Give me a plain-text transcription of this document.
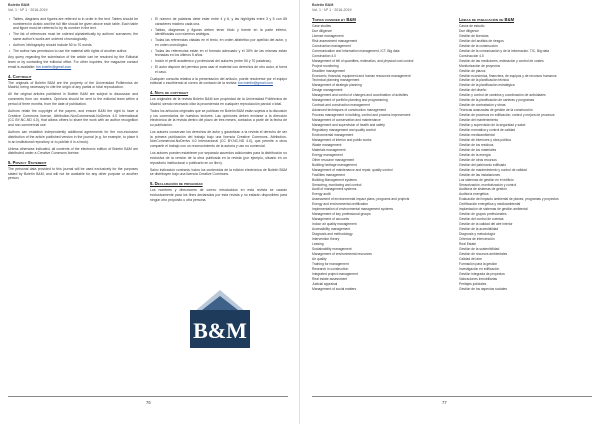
Boletín B&M
Vol. 1 · Nº 1 · 2016-2019
• Tables, diagrams and figures are referred to in order in the text. Tables should be numbered in Arabic and the full title should be given above each table. Each table and figure must be referred to by its number in the text.
• The list of references must be ordered alphabetically by authors' surnames; the same author's works are ordered chronologically.
• Authors' bibliography should include 50 to 70 words.
• The author has permission to use the material with rights of another author.

Any query regarding the submission of the article can be resolved by the Editorial team or by contacting the editorial office. For other inquiries, the magazine contact email is available: bm.boletin@gmail.com

4. Copyright

The originals of Boletín B&M are the property of the Universidad Politécnica de Madrid, being necessary to cite the origin of any partial or total reproduction.

All the original articles published in Boletín B&M are subject to discussion and comments from our readers. Opinions should be sent to the editorial team within a period of three months, from the date of publication.

Authors retain the copyright of the papers, and ensure B&M the right to have a Creative Commons license, Attribution-NonCommercial-NoDerivs 4.0 International (CC BY-NC-ND 4.0), that allows others to share the work with an author recognition and non-commercial use.

Authors can establish independently additional agreements for the non-exclusive distribution of the article published version in the journal (e.g. for example, to place it in an institutional repository or to publish it in a book).

Unless otherwise indicated, all contents of the electronic edition of Boletín B&M are distributed under a Creative Commons license.

5. Privacy Statement

The personal data provided to this journal will be used exclusively for the purposes stated by Boletín B&M, and will not be available for any other purpose or another person.

• El número de palabras debe estar entre 4 y 6, y las highlights entre 3 y 5 con 85 caracteres máximo cada una.
• Tablas, diagramas y figuras deben tener título y fuente en la parte inferior, identificadas con números arábigos.
• Todas las referencias citadas en el texto, en orden alfabético por apellido del autor, y en orden cronológico.
• Todas las referencias están en el formato adecuado y el 30% de las mismas están fechadas en los últimos 5 años.
• Incluir el perfil académico y profesional del autor/es (entre 50 y 70 palabras).
• El autor dispone del permiso para usar el material con derechos de otro autor, si fuera el caso.

Cualquier consulta relativa a la presentación del artículo, puede resolverse por el equipo editorial o escribiendo al correo de contacto de la revista: bm.boletin@gmail.com

4. Nota de copyright

Los originales de la revista Boletín B&M son propiedad de la Universidad Politécnica de Madrid, siendo necesario citar la procedencia en cualquier reproducción parcial o total.

Todos los artículos originales que se publican en Boletín B&M están sujetos a la discusión y los comentarios de nuestros lectores. Las opiniones deben enviarse a la dirección electrónica de la revista dentro del plazo de tres meses, contados a partir de la fecha de su publicación.

Los autores conservan los derechos de autor y garantizan a la revista el derecho de ser la primera publicación del trabajo bajo una licencia Creative Commons, Attribution-NonCommercial-NoDerivs 4.0 Internacional (CC BY-NC-ND 4.0), que permite a otros compartir el trabajo con un reconocimiento de la autoría y uso no comercial.

Los autores pueden establecer por separado acuerdos adicionales para la distribución no exclusiva de la versión de la obra publicada en la revista (por ejemplo, situarlo en un repositorio institucional o publicarlo en un libro).

Salvo indicación contraria, todos los contenidos de la edición electrónica de Boletín B&M se distribuyen bajo una licencia Creative Commons.

5. Declaración de privacidad

Los nombres y direcciones de correo introducidos en esta revista se usarán exclusivamente para los fines declarados por esta revista y no estarán disponibles para ningún otro propósito u otra persona.

76
B&M
Boletín B&M
Vol. 1 · Nº 1 · 2016-2019
Topics covered by B&M
Case studies
Due diligence
License management
Risk assessment management
Construction management
Communication and information management, ICT, Big data
Construction 4.0
Management of bill of quantities, estimation, and physical cost control
Project monitoring
Deadline management
Economic, financial, equipment and human resources management
Technical planning management
Management of strategic planning
Design management
Management and control of changes and coordination of activities
Management of portfolio planning and programming
Contract and construction management
Advanced techniques of construction management
Process management in building, control and process improvement
Management of conservation and maintenance
Management and supervision of health and safety
Regulatory management and quality control
Environmental management
Management of interior and public works
Waste management
Materials management
Energy management
Other resource management
Building heritage management
Management of maintenance and repair, quality control
Facilities management
Building Management systems
Sensoring, monitoring and control
Audit of management systems
Energy audit
Assessment of environmental impact plans, programs and projects
Energy and environmental certification
Implementation of environmental management systems
Management of key professional groups
Management of accounts
Indoor air quality management
Accessibility management
Diagnosis and methodology
Intervention theory
Leasing
Sustainability management
Management of environmental resources
Air quality
Training for management
Research in construction
Integrated project management
Real estate assessment
Judicial appraisal
Management of social matters
Líneas de publicación de B&M
Casos de estudio
Due diligence
Gestión de licencias
Gestión del análisis de riesgos
Gestión de la construcción
Gestión de la comunicación y de la información. TIC, Big data
Construcción 4.0
Gestión de las mediciones, estimación y control de costes
Monitorización de proyectos
Gestión de plazos
Gestión económica, financiera, de equipos y de recursos humanos
Gestión de la planificación técnica
Gestión de la planificación estratégica
Gestión del diseño
Gestión y control de cambios y coordinación de actividades
Gestión de la planificación de carteras y programas
Gestión de contratación y obras
Técnicas avanzadas de gestión de la construcción
Gestión de procesos en edificación, control y mejora de procesos
Gestión del mantenimiento
Gestión y supervisión de la seguridad y salud
Gestión normativa y control de calidad
Gestión medioambiental
Gestión de interiores y obra pública
Gestión de los residuos
Gestión de los materiales
Gestión de la energía
Gestión de otros recursos
Gestión del patrimonio edificado
Gestión de mantenimiento y control de calidad
Gestión de las instalaciones
Los sistemas de gestión en el edificio
Sensorización, monitorización y control
Auditoría de sistemas de gestión
Auditoría energética
Evaluación del impacto ambiental de planes, programas y proyectos
Certificación energética y medioambiental
Implantación de sistemas de gestión ambiental
Gestión de grupos profesionales
Gestión del control de cuentas
Gestión de la calidad del aire interior
Gestión de la accesibilidad
Diagnosis y metodología
Criterios de intervención
Real Estate
Gestión de la sostenibilidad
Gestión de recursos ambientales
Calidad del aire
Formación para la gestión
Investigación en edificación
Gestión integrada de proyectos
Valoraciones inmobiliarias
Peritajes judiciales
Gestión de los aspectos sociales
77
